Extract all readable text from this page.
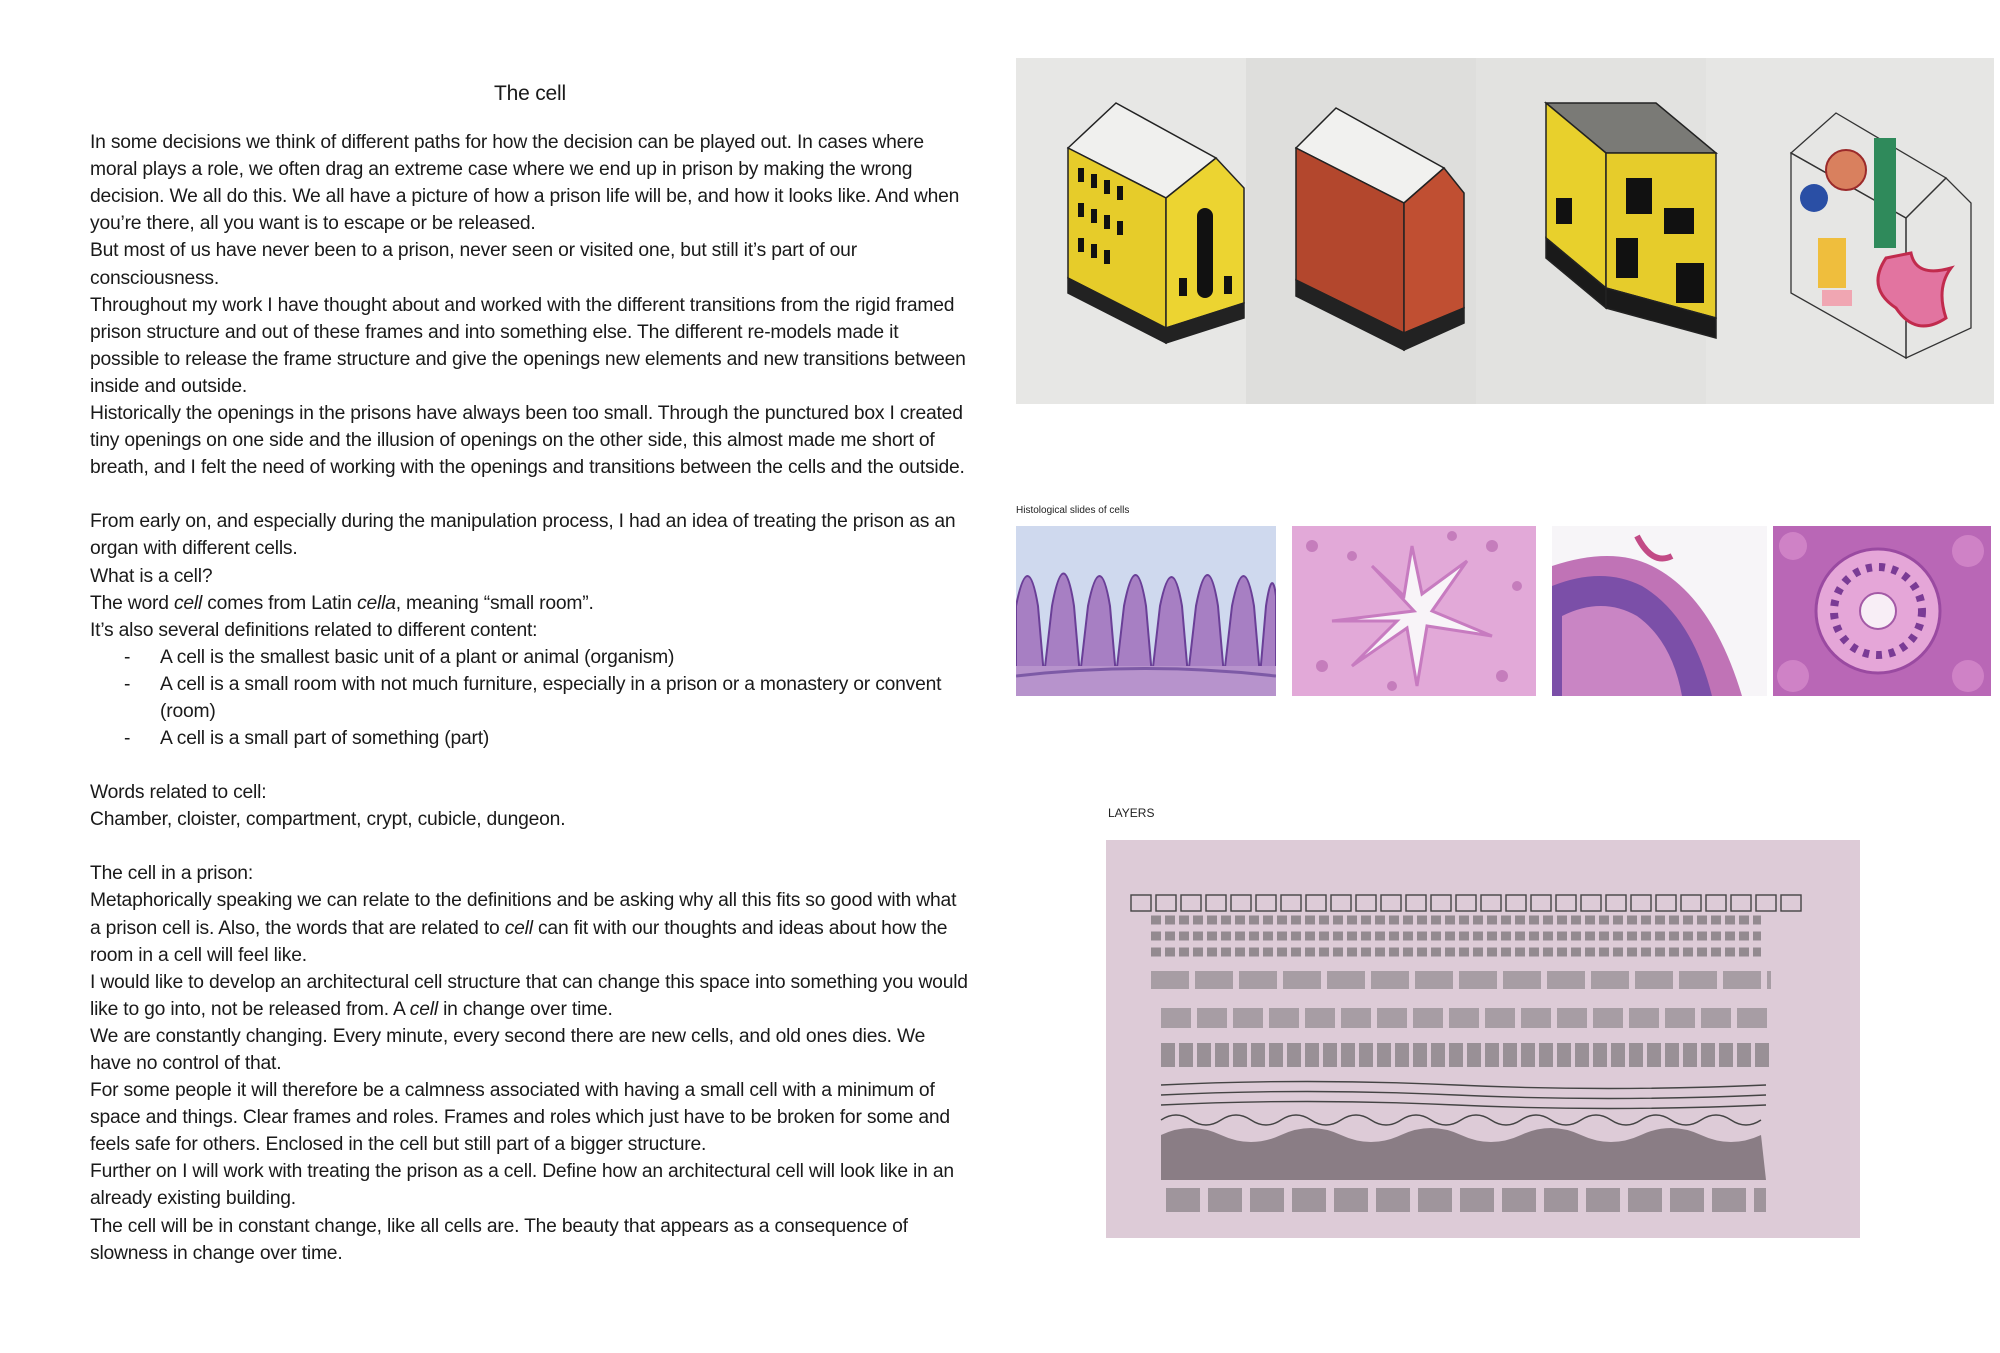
The cell

In some decisions we think of different paths for how the decision can be played out. In cases where moral plays a role, we often drag an extreme case where we end up in prison by making the wrong decision. We all do this. We all have a picture of how a prison life will be, and how it looks like. And when you’re there, all you want is to escape or be released.

But most of us have never been to a prison, never seen or visited one, but still it’s part of our consciousness.

Throughout my work I have thought about and worked with the different transitions from the rigid framed prison structure and out of these frames and into something else. The different re-models made it possible to release the frame structure and give the openings new elements and new transitions between inside and outside.

Historically the openings in the prisons have always been too small. Through the punctured box I created tiny openings on one side and the illusion of openings on the other side, this almost made me short of breath, and I felt the need of working with the openings and transitions between the cells and the outside.

From early on, and especially during the manipulation process, I had an idea of treating the prison as an organ with different cells.

What is a cell?

The word cell comes from Latin cella, meaning “small room”.

It’s also several definitions related to different content:

- A cell is the smallest basic unit of a plant or animal (organism)
- A cell is a small room with not much furniture, especially in a prison or a monastery or convent (room)
- A cell is a small part of something (part)

Words related to cell:

Chamber, cloister, compartment, crypt, cubicle, dungeon.

The cell in a prison:

Metaphorically speaking we can relate to the definitions and be asking why all this fits so good with what a prison cell is. Also, the words that are related to cell can fit with our thoughts and ideas about how the room in a cell will feel like.

I would like to develop an architectural cell structure that can change this space into something you would like to go into, not be released from. A cell in change over time.

We are constantly changing. Every minute, every second there are new cells, and old ones dies. We have no control of that.

For some people it will therefore be a calmness associated with having a small cell with a minimum of space and things. Clear frames and roles. Frames and roles which just have to be broken for some and feels safe for others. Enclosed in the cell but still part of a bigger structure.

Further on I will work with treating the prison as a cell. Define how an architectural cell will look like in an already existing building.

The cell will be in constant change, like all cells are. The beauty that appears as a consequence of slowness in change over time.

Histological slides of cells
LAYERS
